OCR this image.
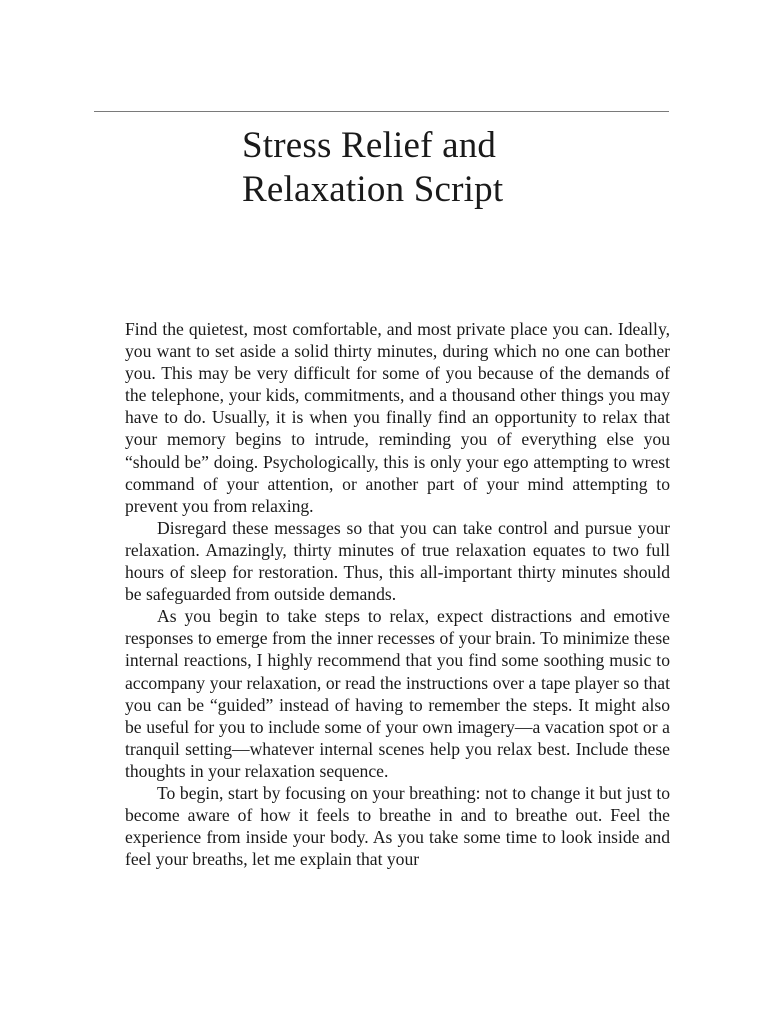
Stress Relief and
Relaxation Script

Find the quietest, most comfortable, and most private place you can. Ideally, you want to set aside a solid thirty minutes, during which no one can bother you. This may be very difficult for some of you because of the demands of the telephone, your kids, commitments, and a thousand other things you may have to do. Usually, it is when you finally find an opportunity to relax that your memory begins to intrude, reminding you of everything else you “should be” doing. Psychologically, this is only your ego attempting to wrest command of your attention, or another part of your mind attempting to prevent you from relaxing.

Disregard these messages so that you can take control and pursue your relaxation. Amazingly, thirty minutes of true relaxation equates to two full hours of sleep for restoration. Thus, this all-important thirty minutes should be safeguarded from outside demands.

As you begin to take steps to relax, expect distractions and emotive responses to emerge from the inner recesses of your brain. To minimize these internal reactions, I highly recommend that you find some soothing music to accompany your relaxation, or read the instructions over a tape player so that you can be “guided” instead of having to remember the steps. It might also be useful for you to include some of your own imagery—a vacation spot or a tranquil setting—whatever internal scenes help you relax best. Include these thoughts in your relaxation sequence.

To begin, start by focusing on your breathing: not to change it but just to become aware of how it feels to breathe in and to breathe out. Feel the experience from inside your body. As you take some time to look inside and feel your breaths, let me explain that your
